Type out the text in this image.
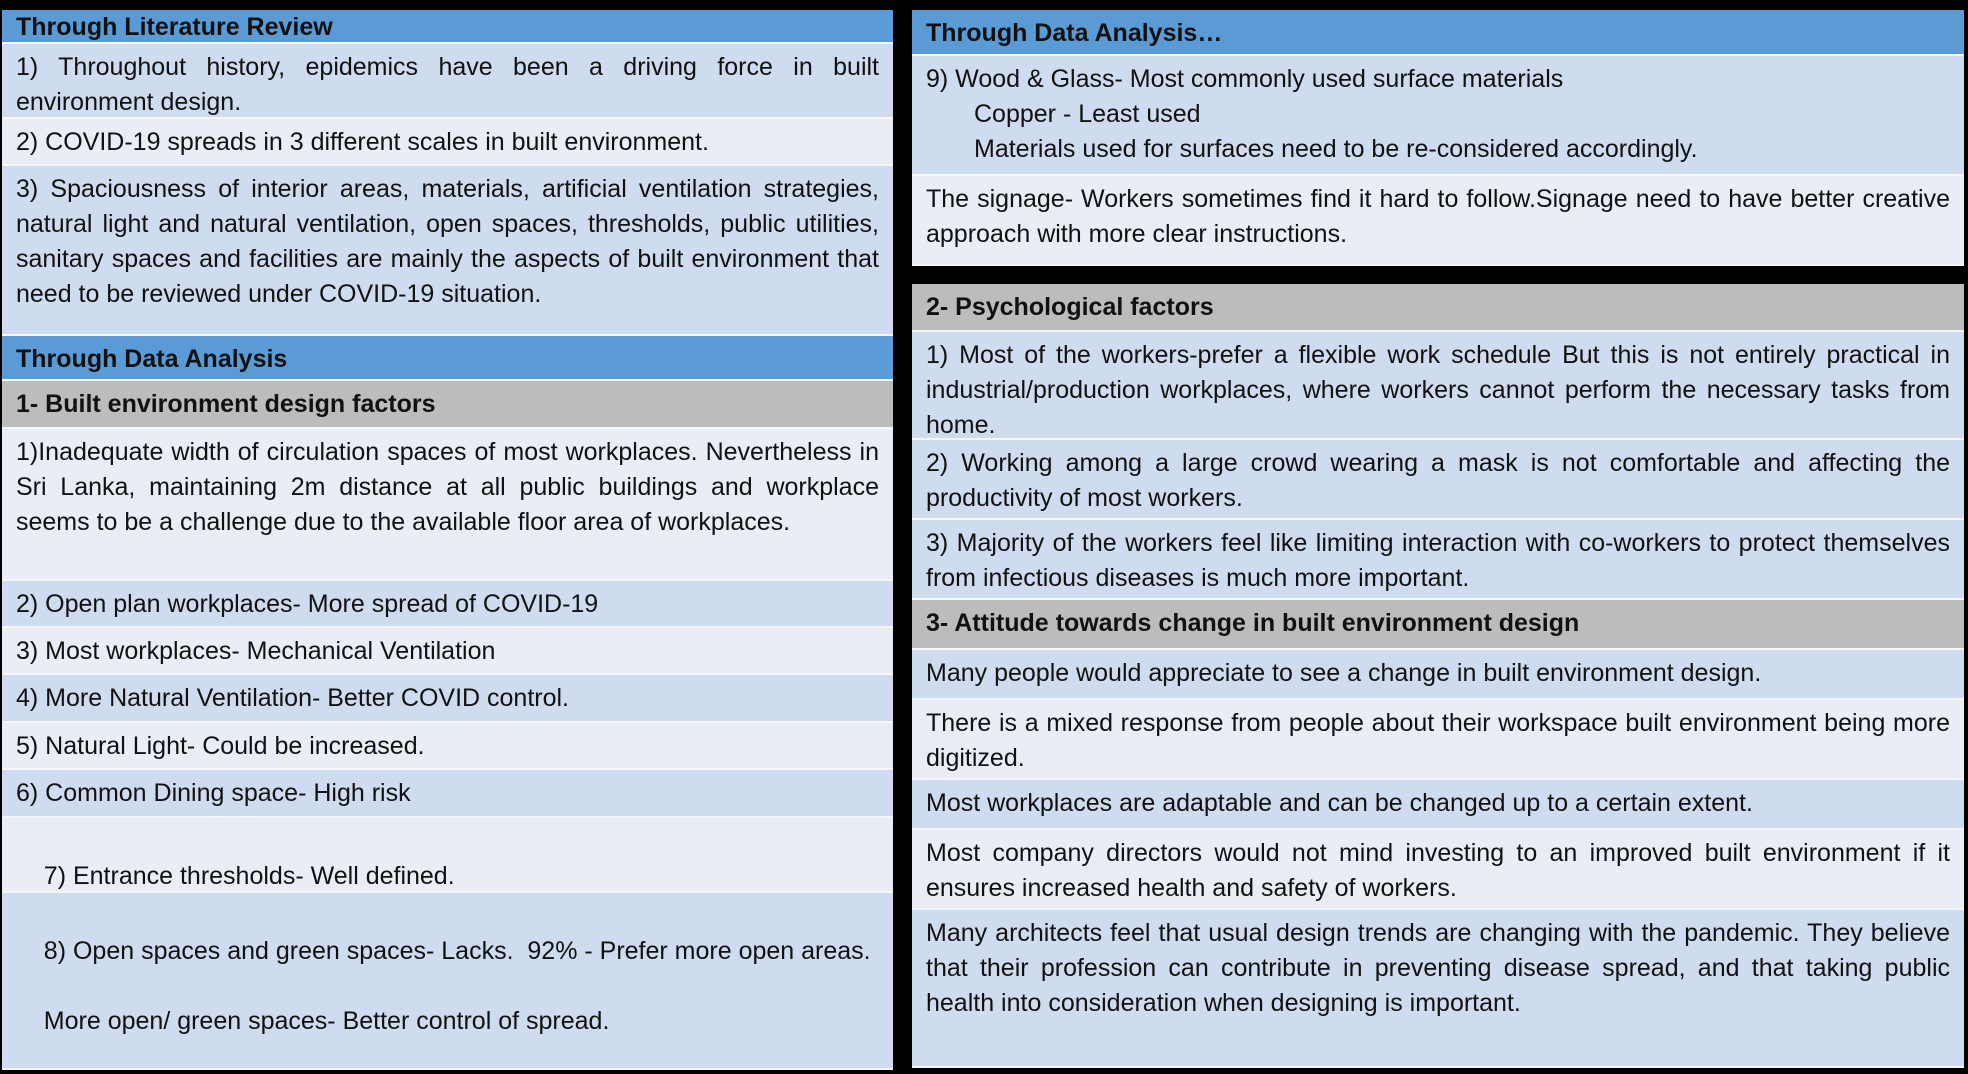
Through Literature Review
1) Throughout history, epidemics have been a driving force in built environment design.
2) COVID-19 spreads in 3 different scales in built environment.
3) Spaciousness of interior areas, materials, artificial ventilation strategies, natural light and natural ventilation, open spaces, thresholds, public utilities, sanitary spaces and facilities are mainly the aspects of built environment that need to be reviewed under COVID-19 situation.
Through Data Analysis
1- Built environment design factors
1)Inadequate width of circulation spaces of most workplaces. Nevertheless in Sri Lanka, maintaining 2m distance at all public buildings and workplace seems to be a challenge due to the available floor area of workplaces.
2) Open plan workplaces- More spread of COVID-19
3) Most workplaces- Mechanical Ventilation
4) More Natural Ventilation- Better COVID control.
5) Natural Light- Could be increased.
6) Common Dining space- High risk

7) Entrance thresholds- Well defined.

8) Open spaces and green spaces- Lacks.  92% - Prefer more open areas.

More open/ green spaces- Better control of spread.

Through Data Analysis…
9) Wood & Glass- Most commonly used surface materials
Copper - Least used
Materials used for surfaces need to be re-considered accordingly.
The signage- Workers sometimes find it hard to follow.Signage need to have better creative approach with more clear instructions.
2- Psychological factors
1) Most of the workers-prefer a flexible work schedule But this is not entirely practical in industrial/production workplaces, where workers cannot perform the necessary tasks from home.
2) Working among a large crowd wearing a mask is not comfortable and affecting the productivity of most workers.
3) Majority of the workers feel like limiting interaction with co-workers to protect themselves from infectious diseases is much more important.
3- Attitude towards change in built environment design
Many people would appreciate to see a change in built environment design.
There is a mixed response from people about their workspace built environment being more digitized.
Most workplaces are adaptable and can be changed up to a certain extent.
Most company directors would not mind investing to an improved built environment if it ensures increased health and safety of workers.
Many architects feel that usual design trends are changing with the pandemic. They believe that their profession can contribute in preventing disease spread, and that taking public health into consideration when designing is important.
